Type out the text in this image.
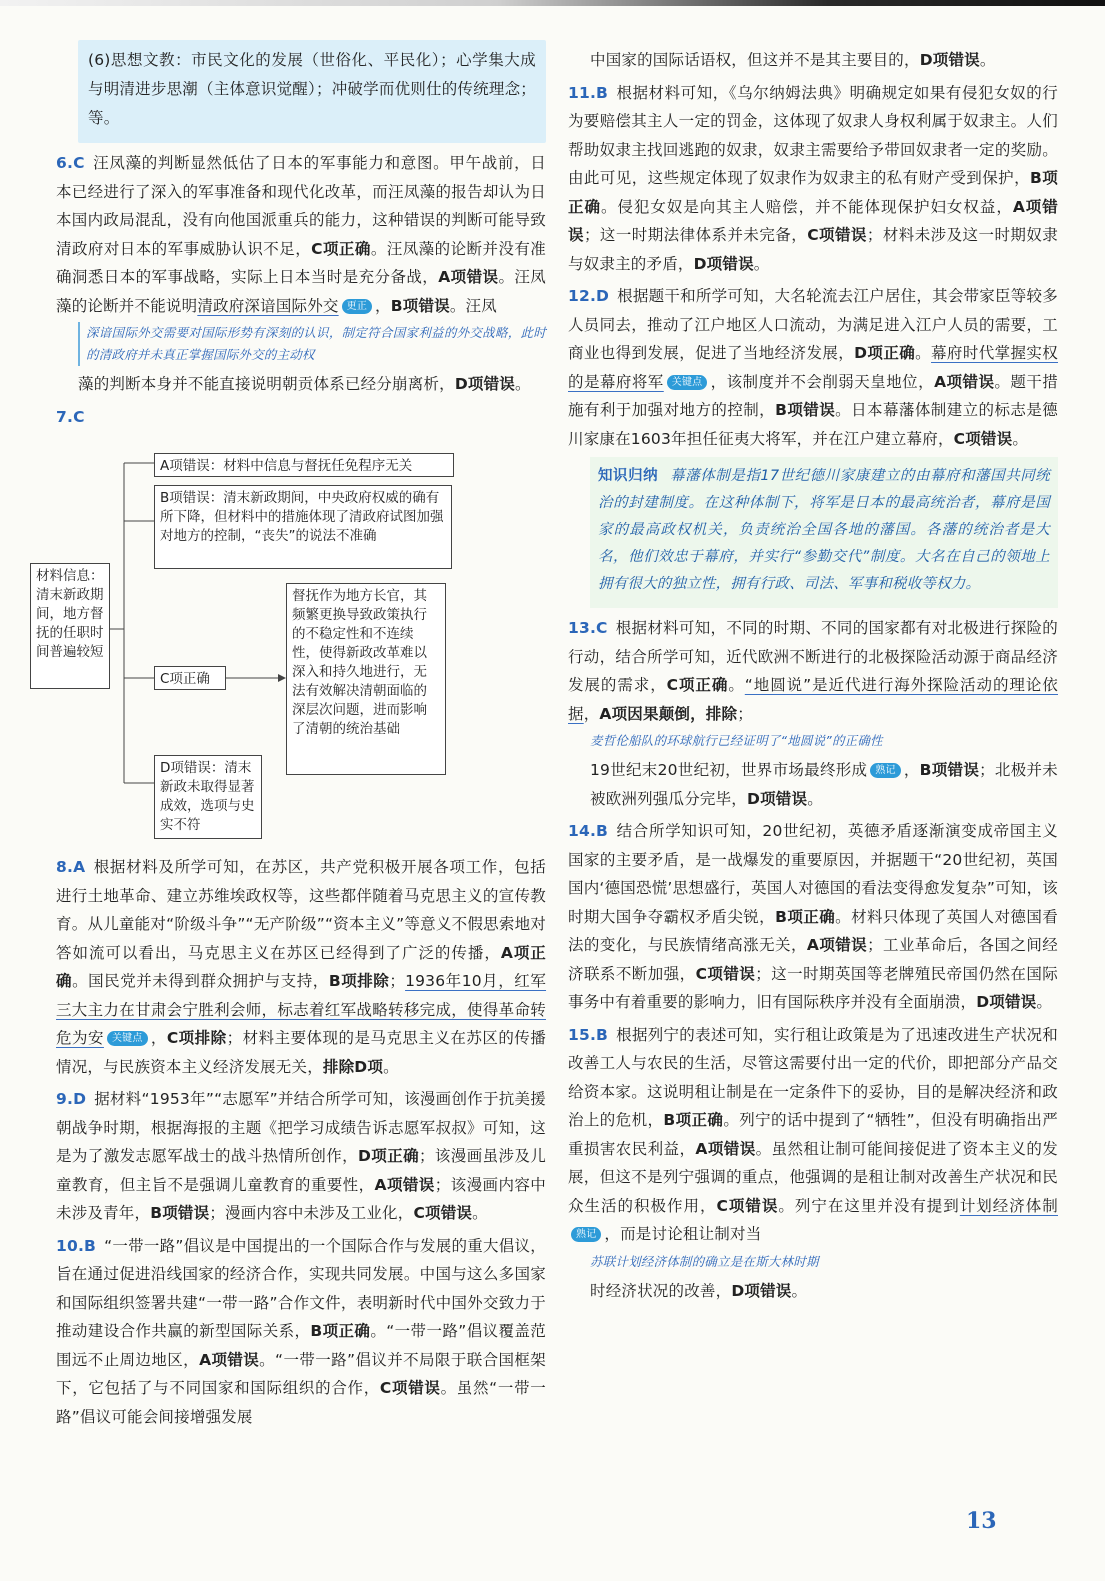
(6)思想文教：市民文化的发展（世俗化、平民化）；心学集大成与明清进步思潮（主体意识觉醒）；冲破学而优则仕的传统理念；等。

6.C 汪凤藻的判断显然低估了日本的军事能力和意图。甲午战前，日本已经进行了深入的军事准备和现代化改革，而汪凤藻的报告却认为日本国内政局混乱，没有向他国派重兵的能力，这种错误的判断可能导致清政府对日本的军事威胁认识不足，C项正确。汪凤藻的论断并没有准确洞悉日本的军事战略，实际上日本当时是充分备战，A项错误。汪凤藻的论断并不能说明清政府深谙国际外交 更正 ，B项错误。汪凤

深谙国际外交需要对国际形势有深刻的认识，制定符合国家利益的外交战略，此时的清政府并未真正掌握国际外交的主动权

藻的判断本身并不能直接说明朝贡体系已经分崩离析，D项错误。

7.C

材料信息：清末新政期间，地方督抚的任职时间普遍较短
A项错误：材料中信息与督抚任免程序无关
B项错误：清末新政期间，中央政府权威的确有所下降，但材料中的措施体现了清政府试图加强对地方的控制，“丧失”的说法不准确
C项正确
督抚作为地方长官，其频繁更换导致政策执行的不稳定性和不连续性，使得新政改革难以深入和持久地进行，无法有效解决清朝面临的深层次问题，进而影响了清朝的统治基础
D项错误：清末新政未取得显著成效，选项与史实不符

8.A 根据材料及所学可知，在苏区，共产党积极开展各项工作，包括进行土地革命、建立苏维埃政权等，这些都伴随着马克思主义的宣传教育。从儿童能对“阶级斗争”“无产阶级”“资本主义”等意义不假思索地对答如流可以看出，马克思主义在苏区已经得到了广泛的传播，A项正确。国民党并未得到群众拥护与支持，B项排除；1936年10月，红军三大主力在甘肃会宁胜利会师，标志着红军战略转移完成，使得革命转危为安 关键点 ，C项排除；材料主要体现的是马克思主义在苏区的传播情况，与民族资本主义经济发展无关，排除D项。

9.D 据材料“1953年”“志愿军”并结合所学可知，该漫画创作于抗美援朝战争时期，根据海报的主题《把学习成绩告诉志愿军叔叔》可知，这是为了激发志愿军战士的战斗热情所创作，D项正确；该漫画虽涉及儿童教育，但主旨不是强调儿童教育的重要性，A项错误；该漫画内容中未涉及青年，B项错误；漫画内容中未涉及工业化，C项错误。

10.B “一带一路”倡议是中国提出的一个国际合作与发展的重大倡议，旨在通过促进沿线国家的经济合作，实现共同发展。中国与这么多国家和国际组织签署共建“一带一路”合作文件，表明新时代中国外交致力于推动建设合作共赢的新型国际关系，B项正确。“一带一路”倡议覆盖范围远不止周边地区，A项错误。“一带一路”倡议并不局限于联合国框架下，它包括了与不同国家和国际组织的合作，C项错误。虽然“一带一路”倡议可能会间接增强发展

中国家的国际话语权，但这并不是其主要目的，D项错误。

11.B 根据材料可知，《乌尔纳姆法典》明确规定如果有侵犯女奴的行为要赔偿其主人一定的罚金，这体现了奴隶人身权利属于奴隶主。人们帮助奴隶主找回逃跑的奴隶，奴隶主需要给予带回奴隶者一定的奖励。由此可见，这些规定体现了奴隶作为奴隶主的私有财产受到保护，B项正确。侵犯女奴是向其主人赔偿，并不能体现保护妇女权益，A项错误；这一时期法律体系并未完备，C项错误；材料未涉及这一时期奴隶与奴隶主的矛盾，D项错误。

12.D 根据题干和所学可知，大名轮流去江户居住，其会带家臣等较多人员同去，推动了江户地区人口流动，为满足进入江户人员的需要，工商业也得到发展，促进了当地经济发展，D项正确。幕府时代掌握实权的是幕府将军 关键点 ，该制度并不会削弱天皇地位，A项错误。题干措施有利于加强对地方的控制，B项错误。日本幕藩体制建立的标志是德川家康在1603年担任征夷大将军，并在江户建立幕府，C项错误。

知识归纳 幕藩体制是指17世纪德川家康建立的由幕府和藩国共同统治的封建制度。在这种体制下，将军是日本的最高统治者，幕府是国家的最高政权机关，负责统治全国各地的藩国。各藩的统治者是大名，他们效忠于幕府，并实行“参勤交代”制度。大名在自己的领地上拥有很大的独立性，拥有行政、司法、军事和税收等权力。

13.C 根据材料可知，不同的时期、不同的国家都有对北极进行探险的行动，结合所学可知，近代欧洲不断进行的北极探险活动源于商品经济发展的需求，C项正确。“地圆说”是近代进行海外探险活动的理论依据，A项因果颠倒，排除；

麦哲伦船队的环球航行已经证明了“地圆说”的正确性

19世纪末20世纪初，世界市场最终形成 熟记 ，B项错误；北极并未被欧洲列强瓜分完毕，D项错误。

14.B 结合所学知识可知，20世纪初，英德矛盾逐渐演变成帝国主义国家的主要矛盾，是一战爆发的重要原因，并据题干“20世纪初，英国国内‘德国恐慌’思想盛行，英国人对德国的看法变得愈发复杂”可知，该时期大国争夺霸权矛盾尖锐，B项正确。材料只体现了英国人对德国看法的变化，与民族情绪高涨无关，A项错误；工业革命后，各国之间经济联系不断加强，C项错误；这一时期英国等老牌殖民帝国仍然在国际事务中有着重要的影响力，旧有国际秩序并没有全面崩溃，D项错误。

15.B 根据列宁的表述可知，实行租让政策是为了迅速改进生产状况和改善工人与农民的生活，尽管这需要付出一定的代价，即把部分产品交给资本家。这说明租让制是在一定条件下的妥协，目的是解决经济和政治上的危机，B项正确。列宁的话中提到了“牺牲”，但没有明确指出严重损害农民利益，A项错误。虽然租让制可能间接促进了资本主义的发展，但这不是列宁强调的重点，他强调的是租让制对改善生产状况和民众生活的积极作用，C项错误。列宁在这里并没有提到计划经济体制熟记 ，而是讨论租让制对当

苏联计划经济体制的确立是在斯大林时期

时经济状况的改善，D项错误。

13
